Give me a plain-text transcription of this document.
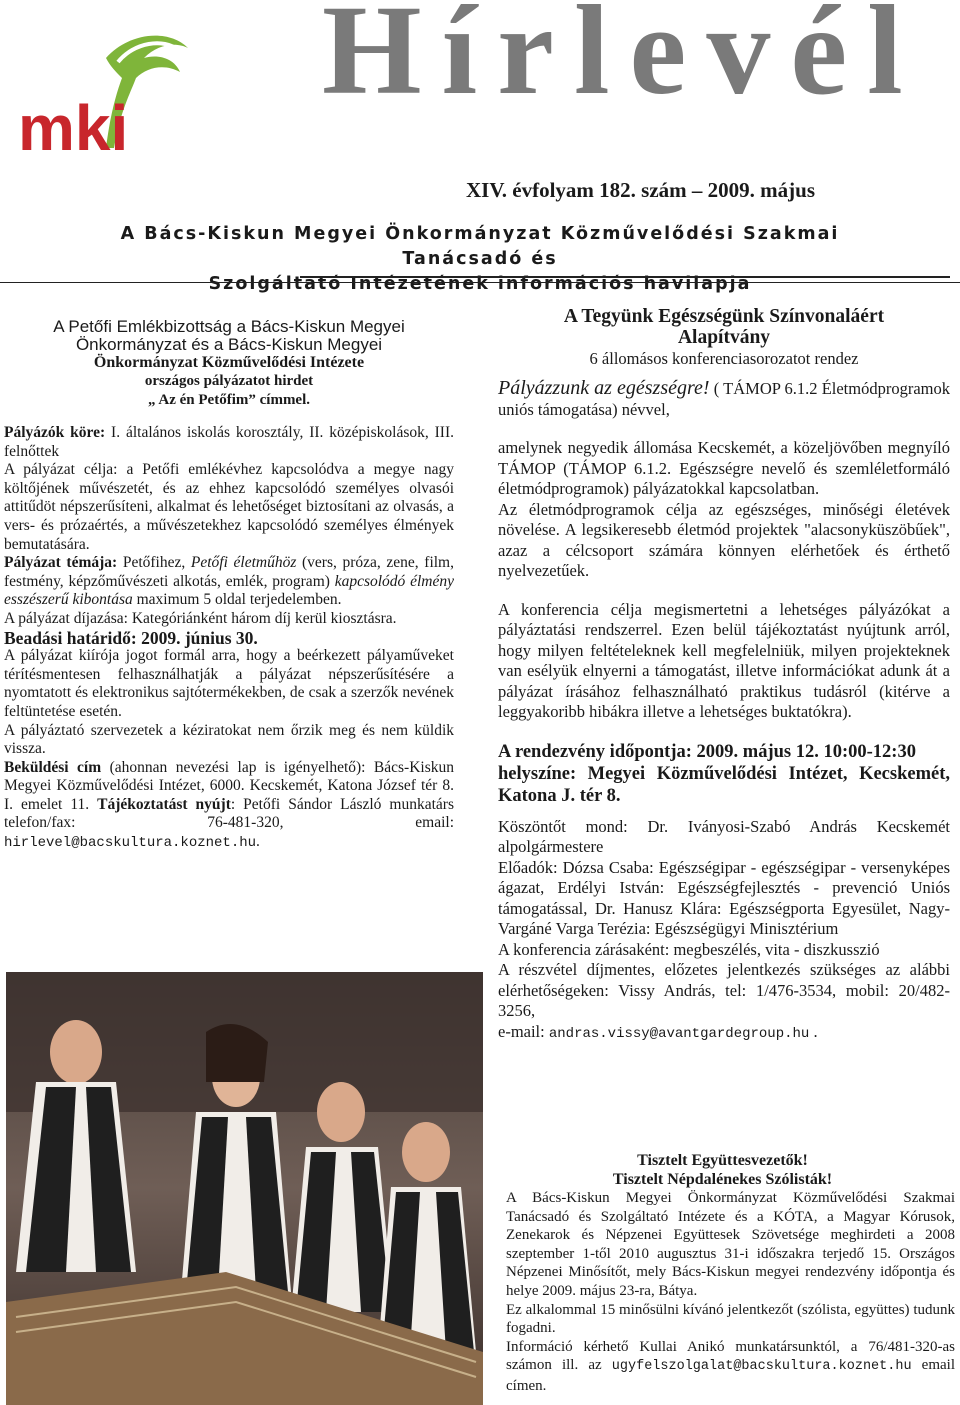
mki
Hírlevél
XIV. évfolyam 182. szám – 2009. május
A Bács-Kiskun Megyei Önkormányzat Közművelődési Szakmai Tanácsadó és
Szolgáltató Intézetének információs havilapja
A Petőfi Emlékbizottság a Bács-Kiskun Megyei
Önkormányzat és a Bács-Kiskun Megyei
Önkormányzat Közművelődési Intézete
országos pályázatot hirdet
„ Az én Petőfim” címmel.

Pályázók köre: I. általános iskolás korosztály, II. középiskolások, III. felnőttek

A pályázat célja: a Petőfi emlékévhez kapcsolódva a megye nagy költőjének művészetét, és az ehhez kapcsolódó személyes olvasói attitűdöt népszerűsíteni, alkalmat és lehetőséget biztosítani az olvasás, a vers- és prózaértés, a művészetekhez kapcsolódó személyes élmények bemutatására.

Pályázat témája: Petőfihez, Petőfi életműhöz (vers, próza, zene, film, festmény, képzőművészeti alkotás, emlék, program) kapcsolódó élmény esszészerű kibontása maximum 5 oldal terjedelemben.

A pályázat díjazása: Kategóriánként három díj kerül kiosztásra.

Beadási határidő: 2009. június 30.

A pályázat kiírója jogot formál arra, hogy a beérkezett pályaműveket térítésmentesen felhasználhatják a pályázat népszerűsítésére a nyomtatott és elektronikus sajtótermékekben, de csak a szerzők nevének feltüntetése esetén.

A pályáztató szervezetek a kéziratokat nem őrzik meg és nem küldik vissza.

Beküldési cím (ahonnan nevezési lap is igényelhető): Bács-Kiskun Megyei Közművelődési Intézet, 6000. Kecskemét, Katona József tér 8. I. emelet 11. Tájékoztatást nyújt: Petőfi Sándor László munkatárs telefon/fax: 76-481-320, email: hirlevel@bacskultura.koznet.hu.

A Tegyünk Egészségünk Színvonaláért
Alapítvány
6 állomásos konferenciasorozatot rendez

Pályázzunk az egészségre! ( TÁMOP 6.1.2 Életmódprogramok uniós támogatása) névvel,

amelynek negyedik állomása Kecskemét, a közeljövőben megnyíló TÁMOP (TÁMOP 6.1.2. Egészségre nevelő és szemléletformáló életmódprogramok) pályázatokkal kapcsolatban.

Az életmódprogramok célja az egészséges, minőségi életévek növelése. A legsikeresebb életmód projektek "alacsonyküszöbűek", azaz a célcsoport számára könnyen elérhetőek és érthető nyelvezetűek.

A konferencia célja megismertetni a lehetséges pályázókat a pályáztatási rendszerrel. Ezen belül tájékoztatást nyújtunk arról, hogy milyen feltételeknek kell megfelelniük, milyen projekteknek van esélyük elnyerni a támogatást, illetve információkat adunk át a pályázat írásához felhasználható praktikus tudásról (kitérve a leggyakoribb hibákra illetve a lehetséges buktatókra).

A rendezvény időpontja: 2009. május 12. 10:00-12:30

helyszíne: Megyei Közművelődési Intézet, Kecskemét, Katona J. tér 8.

Köszöntőt mond: Dr. Iványosi-Szabó András Kecskemét alpolgármestere

Előadók: Dózsa Csaba: Egészségipar - egészségipar - versenyképes ágazat, Erdélyi István: Egészségfejlesztés - prevenció Uniós támogatással, Dr. Hanusz Klára: Egészségporta Egyesület, Nagy-Vargáné Varga Terézia: Egészségügyi Minisztérium

A konferencia zárásaként: megbeszélés, vita - diszkusszió

A részvétel díjmentes, előzetes jelentkezés szükséges az alábbi elérhetőségeken: Vissy András, tel: 1/476-3534, mobil: 20/482-3256,

e-mail: andras.vissy@avantgardegroup.hu .

Tisztelt Együttesvezetők!
Tisztelt Népdalénekes Szólisták!

A Bács-Kiskun Megyei Önkormányzat Közművelődési Szakmai Tanácsadó és Szolgáltató Intézete és a KÓTA, a Magyar Kórusok, Zenekarok és Népzenei Együttesek Szövetsége meghirdeti a 2008 szeptember 1-től 2010 augusztus 31-i időszakra terjedő 15. Országos Népzenei Minősítőt, mely Bács-Kiskun megyei rendezvény időpontja és helye 2009. május 23-ra, Bátya.

Ez alkalommal 15 minősülni kívánó jelentkezőt (szólista, együttes) tudunk fogadni.

Információ kérhető Kullai Anikó munkatársunktól, a 76/481-320-as számon ill. az ugyfelszolgalat@bacskultura.koznet.hu email címen.
